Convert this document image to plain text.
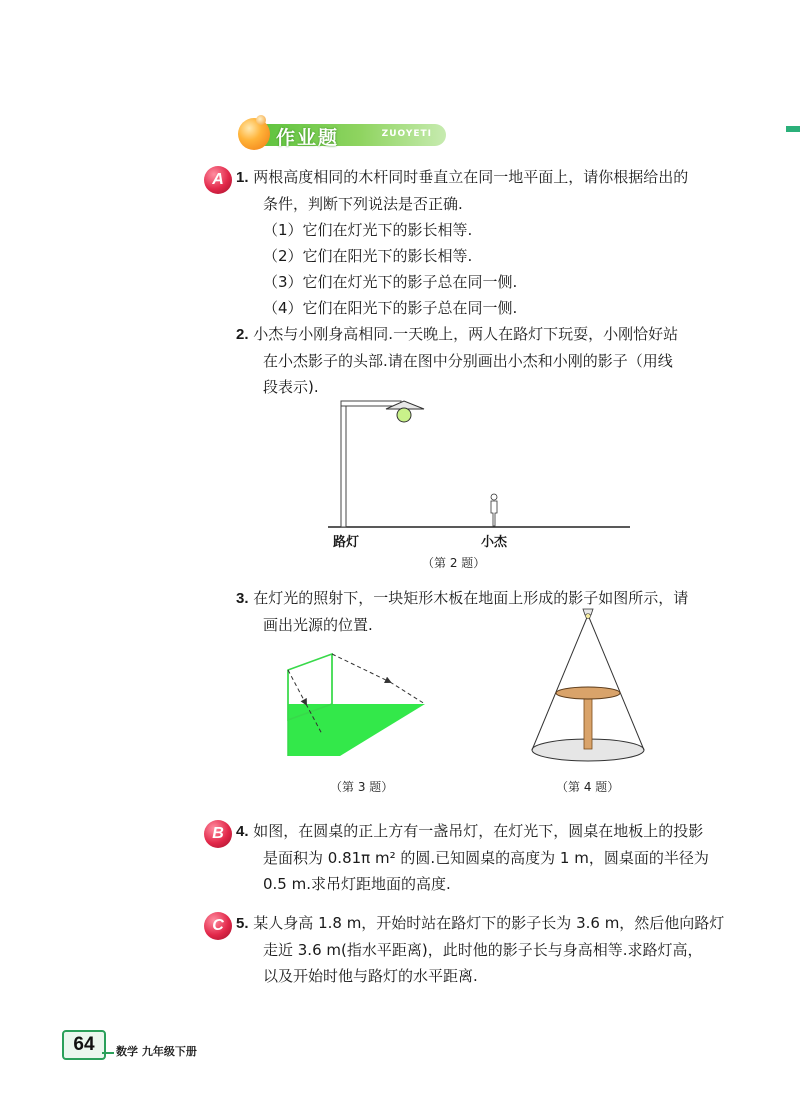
作业题	ZUOYETI
A 1. 两根高度相同的木杆同时垂直立在同一地平面上，请你根据给出的
条件，判断下列说法是否正确.
（1）它们在灯光下的影长相等.
（2）它们在阳光下的影长相等.
（3）它们在灯光下的影子总在同一侧.
（4）它们在阳光下的影子总在同一侧.
2. 小杰与小刚身高相同.一天晚上，两人在路灯下玩耍，小刚恰好站
在小杰影子的头部.请在图中分别画出小杰和小刚的影子（用线
段表示).
路灯	小杰
（第 2 题）
3. 在灯光的照射下，一块矩形木板在地面上形成的影子如图所示，请
画出光源的位置.
（第 3 题）	（第 4 题）
B 4. 如图，在圆桌的正上方有一盏吊灯，在灯光下，圆桌在地板上的投影
是面积为 0.81π m² 的圆.已知圆桌的高度为 1 m，圆桌面的半径为
0.5 m.求吊灯距地面的高度.
C 5. 某人身高 1.8 m，开始时站在路灯下的影子长为 3.6 m，然后他向路灯
走近 3.6 m(指水平距离)，此时他的影子长与身高相等.求路灯高，
以及开始时他与路灯的水平距离.
64	数学 九年级下册
